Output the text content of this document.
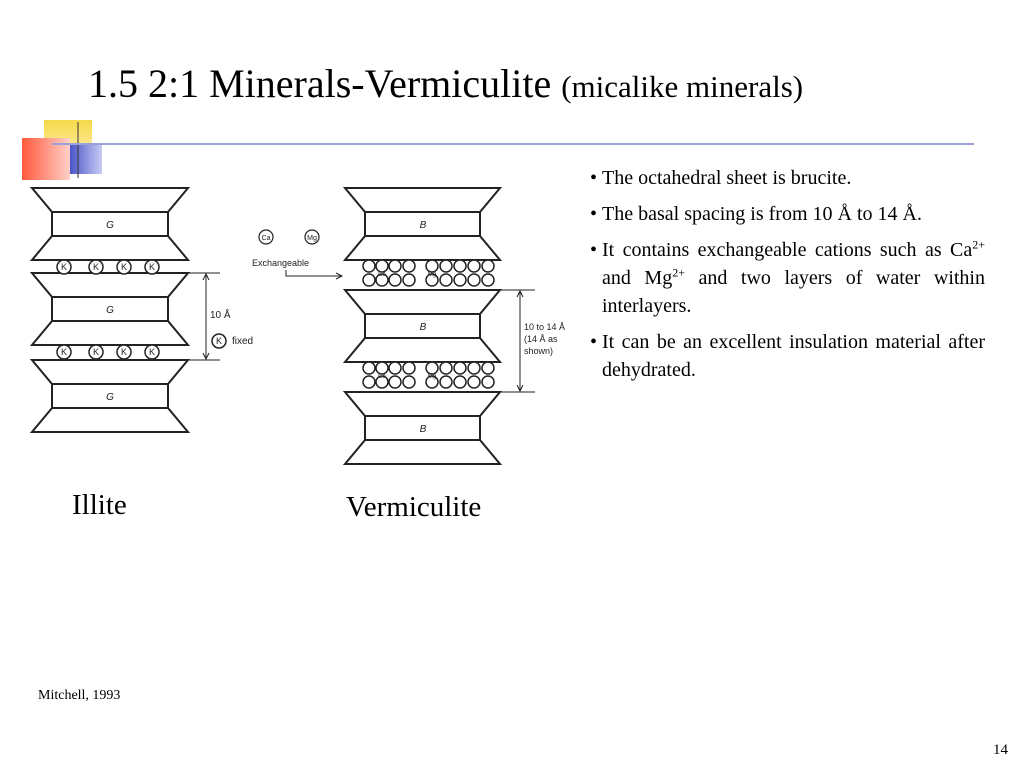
1.5 2:1 Minerals-Vermiculite (micalike minerals)
G
G
G
B
B
B
K	K K K
K	K K K
K
10 Å
fixed
Ca	Mg
Exchangeable
Ca	Mg
Ca	Mg
10 to 14 Å
(14 Å as
shown)
Illite	Vermiculite
• The octahedral sheet is brucite.
• The basal spacing is from 10 Å to 14 Å.
• It contains exchangeable cations such as $Ca^{2+}$ and $Mg^{2+}$ and two layers of water within interlayers.
• It can be an excellent insulation material after dehydrated.
Mitchell, 1993
14
